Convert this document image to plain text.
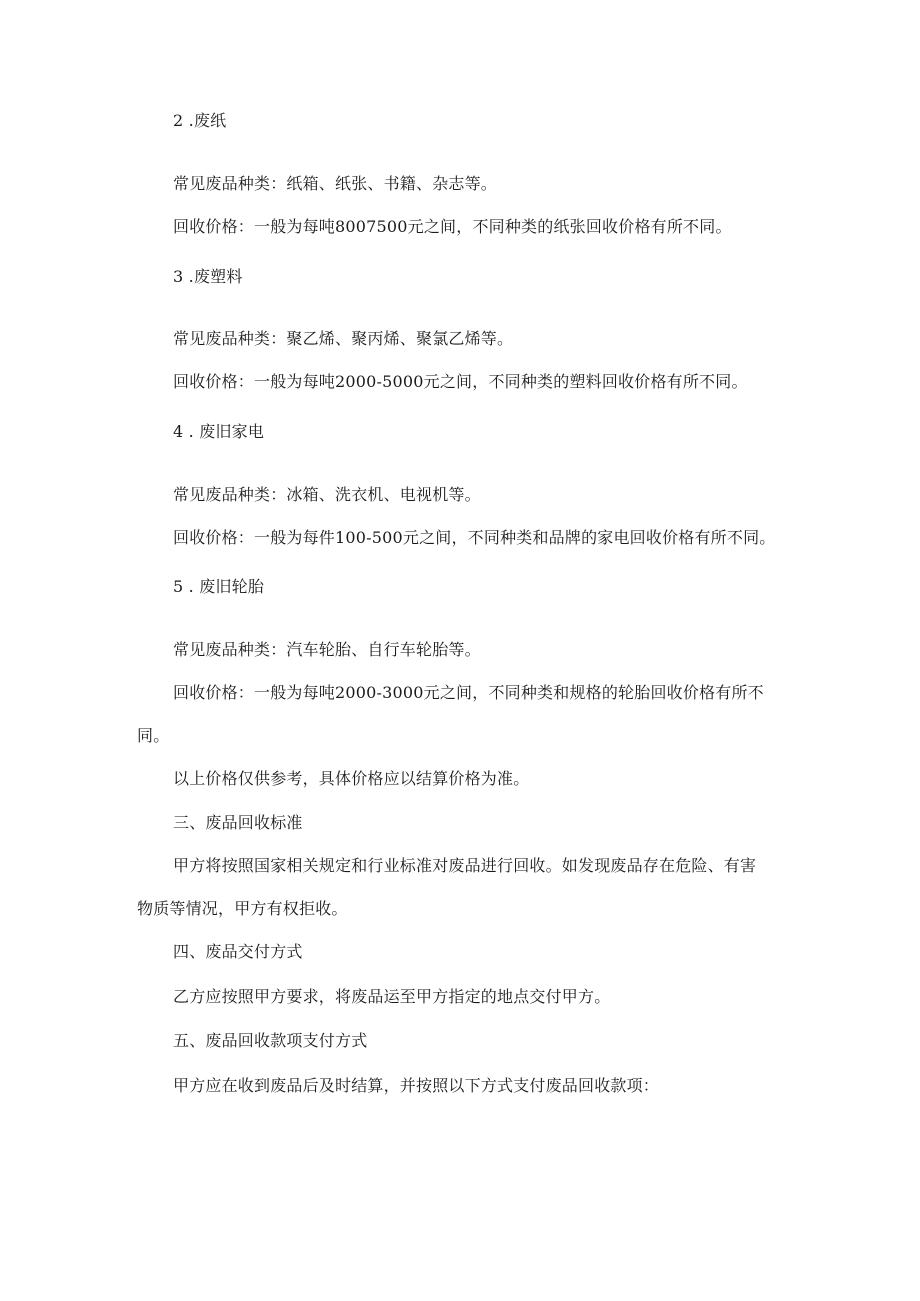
2 .废纸
常见废品种类：纸箱、纸张、书籍、杂志等。
回收价格：一般为每吨8007500元之间，不同种类的纸张回收价格有所不同。
3 .废塑料
常见废品种类：聚乙烯、聚丙烯、聚氯乙烯等。
回收价格：一般为每吨2000-5000元之间，不同种类的塑料回收价格有所不同。
4 . 废旧家电
常见废品种类：冰箱、洗衣机、电视机等。
回收价格：一般为每件100-500元之间，不同种类和品牌的家电回收价格有所不同。
5 . 废旧轮胎
常见废品种类：汽车轮胎、自行车轮胎等。
回收价格：一般为每吨2000-3000元之间，不同种类和规格的轮胎回收价格有所不
同。
以上价格仅供参考，具体价格应以结算价格为准。
三、废品回收标准
甲方将按照国家相关规定和行业标准对废品进行回收。如发现废品存在危险、有害
物质等情况，甲方有权拒收。
四、废品交付方式
乙方应按照甲方要求，将废品运至甲方指定的地点交付甲方。
五、废品回收款项支付方式
甲方应在收到废品后及时结算，并按照以下方式支付废品回收款项：
